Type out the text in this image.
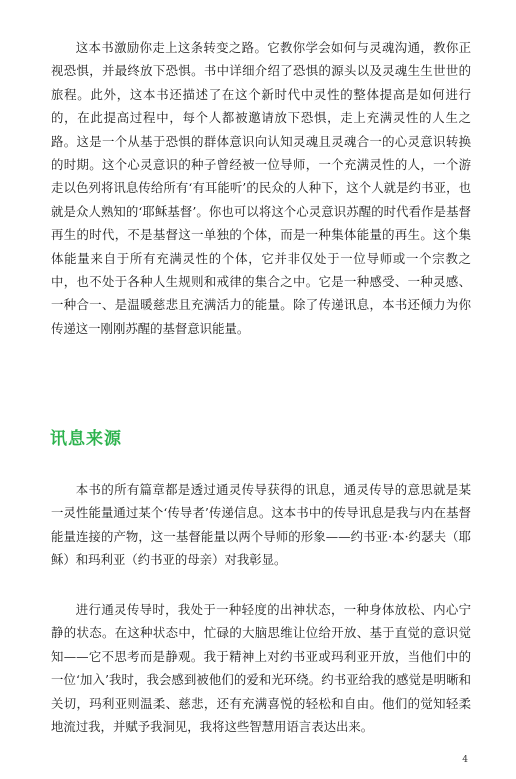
这本书激励你走上这条转变之路。它教你学会如何与灵魂沟通，教你正视恐惧，并最终放下恐惧。书中详细介绍了恐惧的源头以及灵魂生生世世的旅程。此外，这本书还描述了在这个新时代中灵性的整体提高是如何进行的，在此提高过程中，每个人都被邀请放下恐惧，走上充满灵性的人生之路。这是一个从基于恐惧的群体意识向认知灵魂且灵魂合一的心灵意识转换的时期。这个心灵意识的种子曾经被一位导师，一个充满灵性的人，一个游走以色列将讯息传给所有‘有耳能听’的民众的人种下，这个人就是约书亚，也就是众人熟知的‘耶稣基督’。你也可以将这个心灵意识苏醒的时代看作是基督再生的时代，不是基督这一单独的个体，而是一种集体能量的再生。这个集体能量来自于所有充满灵性的个体，它并非仅处于一位导师或一个宗教之中，也不处于各种人生规则和戒律的集合之中。它是一种感受、一种灵感、一种合一、是温暖慈悲且充满活力的能量。除了传递讯息，本书还倾力为你传递这一刚刚苏醒的基督意识能量。

讯息来源

本书的所有篇章都是透过通灵传导获得的讯息，通灵传导的意思就是某一灵性能量通过某个‘传导者’传递信息。这本书中的传导讯息是我与内在基督能量连接的产物，这一基督能量以两个导师的形象——约书亚·本·约瑟夫（耶稣）和玛利亚（约书亚的母亲）对我彰显。

进行通灵传导时，我处于一种轻度的出神状态，一种身体放松、内心宁静的状态。在这种状态中，忙碌的大脑思维让位给开放、基于直觉的意识觉知——它不思考而是静观。我于精神上对约书亚或玛利亚开放，当他们中的一位‘加入’我时，我会感到被他们的爱和光环绕。约书亚给我的感觉是明晰和关切，玛利亚则温柔、慈悲，还有充满喜悦的轻松和自由。他们的觉知轻柔地流过我，并赋予我洞见，我将这些智慧用语言表达出来。

4
